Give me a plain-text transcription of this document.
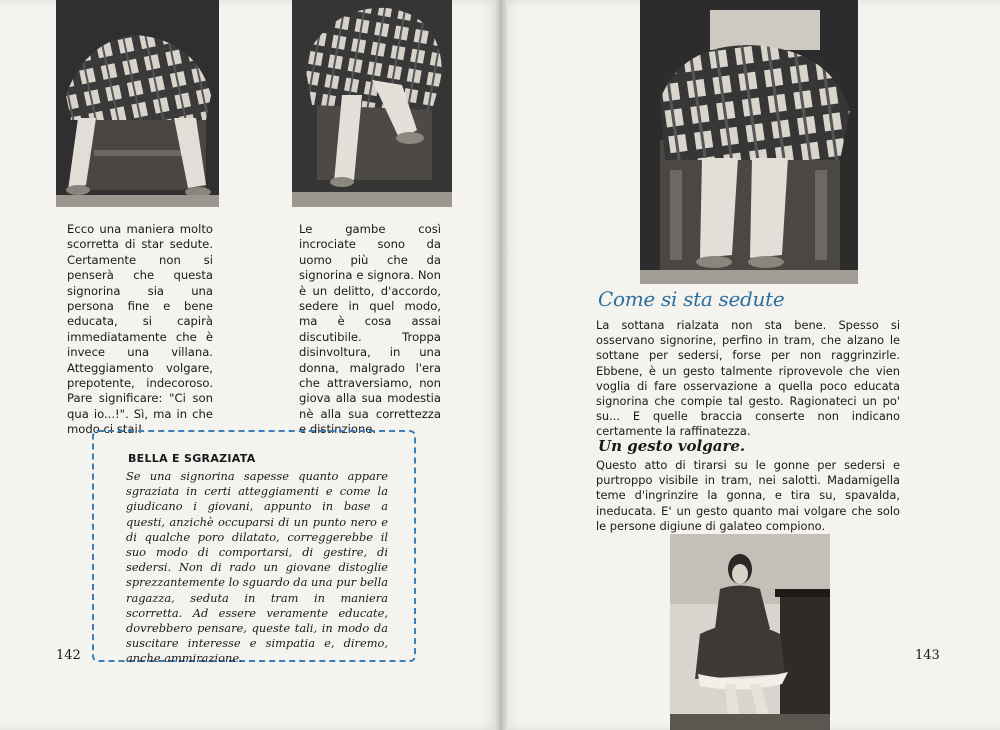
Ecco una maniera molto scorretta di star sedute. Certamente non si penserà che questa signorina sia una persona fine e bene educata, si capirà immediatamente che è invece una villana. Atteggiamento volgare, prepotente, indecoroso. Pare significare: "Ci son qua io...!". Sì, ma in che modo ci stai!

Le gambe così incrociate sono da uomo più che da signorina e signora. Non è un delitto, d'accordo, sedere in quel modo, ma è cosa assai discutibile. Troppa disinvoltura, in una donna, malgrado l'era che attraversiamo, non giova alla sua modestia nè alla sua correttezza e distinzione.

BELLA E SGRAZIATA
Se una signorina sapesse quanto appare sgraziata in certi atteggiamenti e come la giudicano i giovani, appunto in base a questi, anzichè occuparsi di un punto nero e di qualche poro dilatato, correggerebbe il suo modo di comportarsi, di gestire, di sedersi. Non di rado un giovane distoglie sprezzantemente lo sguardo da una pur bella ragazza, seduta in tram in maniera scorretta. Ad essere veramente educate, dovrebbero pensare, queste tali, in modo da suscitare interesse e simpatia e, diremo, anche ammirazione.
142
Come si sta sedute
La sottana rialzata non sta bene. Spesso si osservano signorine, perfino in tram, che alzano le sottane per sedersi, forse per non raggrinzirle. Ebbene, è un gesto talmente riprovevole che vien voglia di fare osservazione a quella poco educata signorina che compie tal gesto. Ragionateci un po' su... E quelle braccia conserte non indicano certamente la raffinatezza.
Un gesto volgare.
Questo atto di tirarsi su le gonne per sedersi e purtroppo visibile in tram, nei salotti. Madamigella teme d'ingrinzire la gonna, e tira su, spavalda, ineducata. E' un gesto quanto mai volgare che solo le persone digiune di galateo compiono.
143
